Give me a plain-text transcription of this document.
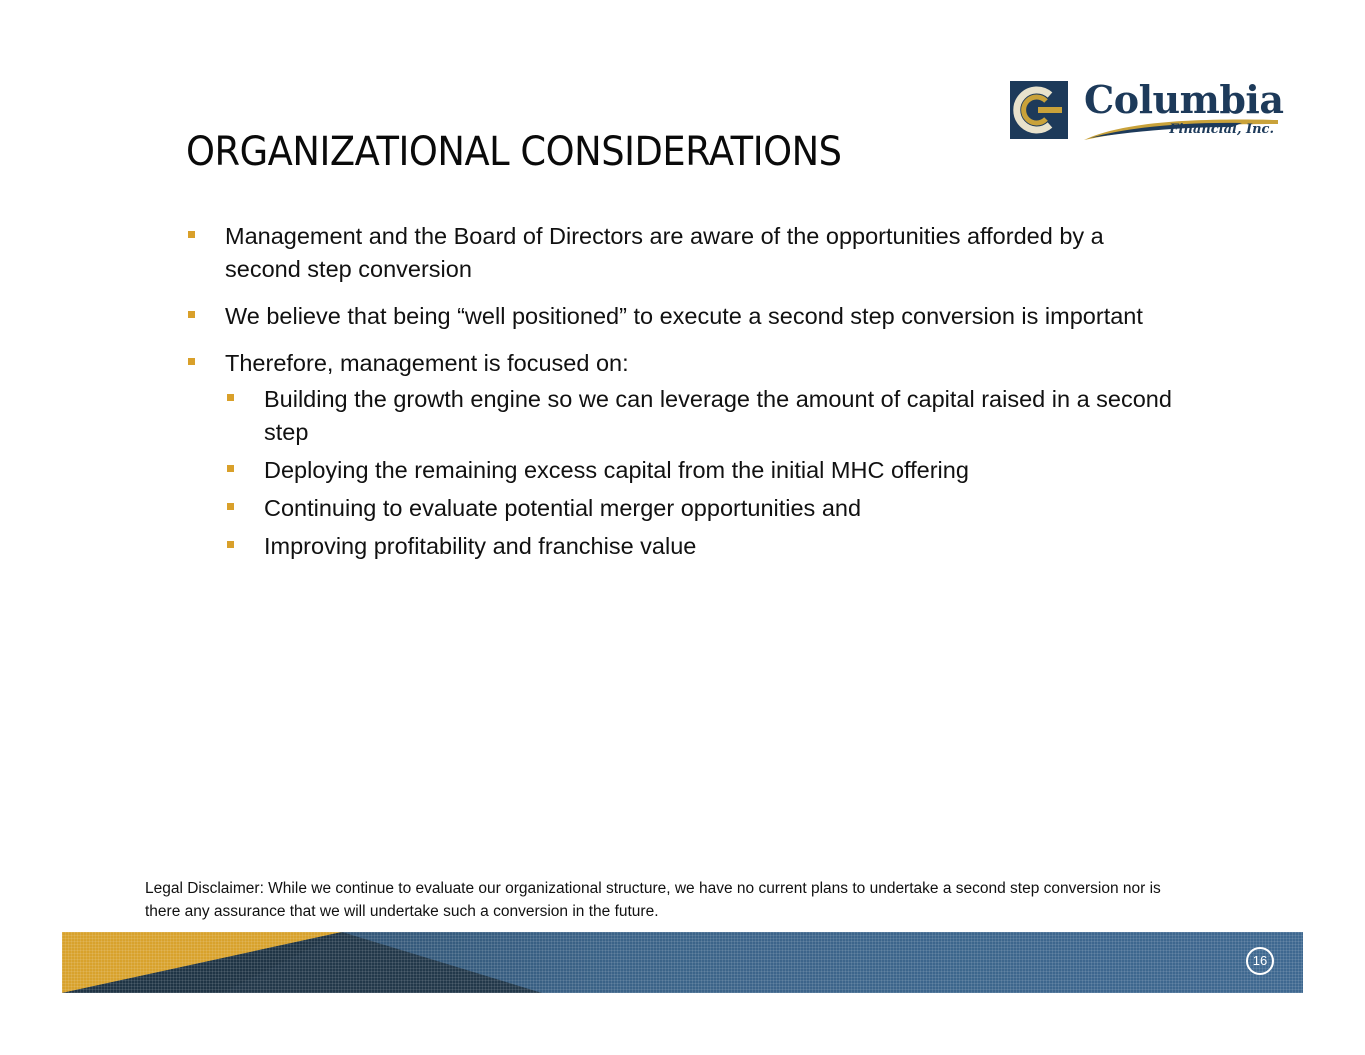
Columbia
Financial, Inc.
ORGANIZATIONAL CONSIDERATIONS
Management and the Board of Directors are aware of the opportunities afforded by a second step conversion
We believe that being “well positioned” to execute a second step conversion is important
Therefore, management is focused on:
Building the growth engine so we can leverage the amount of capital raised in a second step
Deploying the remaining excess capital from the initial MHC offering
Continuing to evaluate potential merger opportunities and
Improving profitability and franchise value
Legal Disclaimer: While we continue to evaluate our organizational structure, we have no current plans to undertake a second step conversion nor is there any assurance that we will undertake such a conversion in the future.
16
